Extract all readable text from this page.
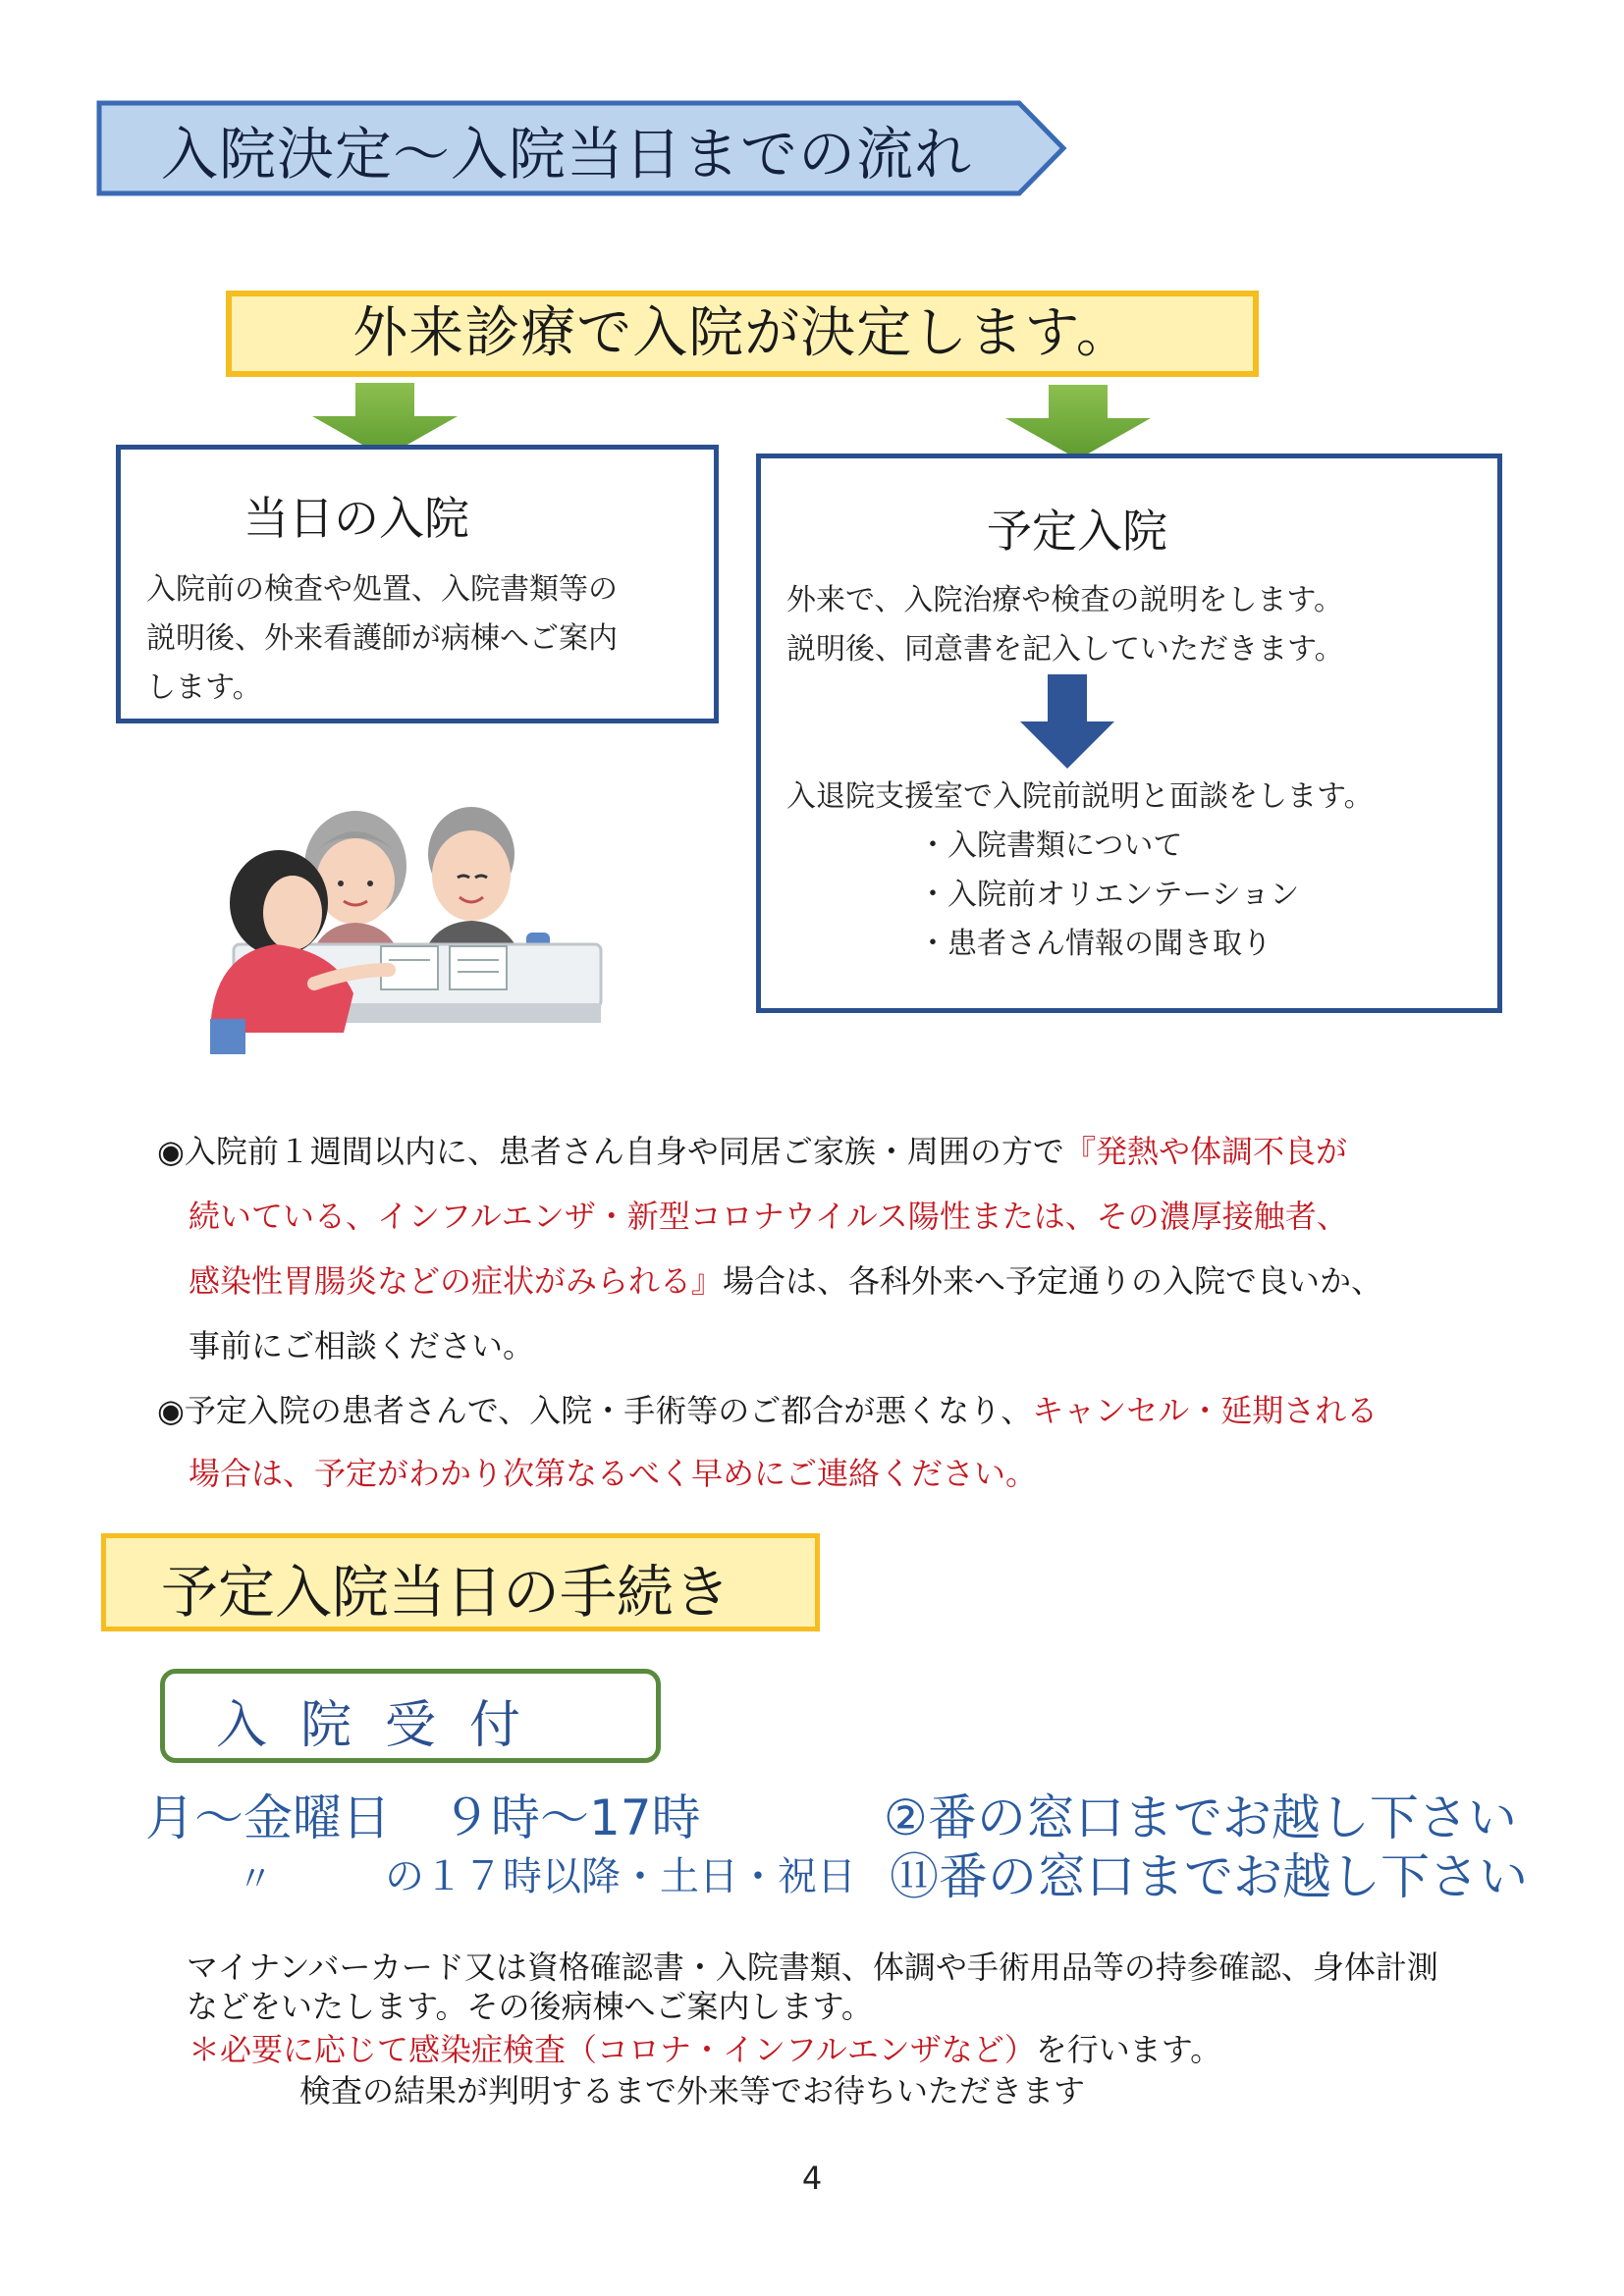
入院決定〜入院当日までの流れ
外来診療で入院が決定します。
当日の入院
入院前の検査や処置、入院書類等の
説明後、外来看護師が病棟へご案内
します。
予定入院
外来で、入院治療や検査の説明をします。
説明後、同意書を記入していただきます。
入退院支援室で入院前説明と面談をします。
・入院書類について
・入院前オリエンテーション
・患者さん情報の聞き取り
◉入院前１週間以内に、患者さん自身や同居ご家族・周囲の方で『発熱や体調不良が
続いている、インフルエンザ・新型コロナウイルス陽性または、その濃厚接触者、
感染性胃腸炎などの症状がみられる』場合は、各科外来へ予定通りの入院で良いか、
事前にご相談ください。
◉予定入院の患者さんで、入院・手術等のご都合が悪くなり、キャンセル・延期される
場合は、予定がわかり次第なるべく早めにご連絡ください。
予定入院当日の手続き
入院受付
月〜金曜日 ９時〜17時	②番の窓口までお越し下さい
〃	の１７時以降・土日・祝日 ⑪番の窓口までお越し下さい
マイナンバーカード又は資格確認書・入院書類、体調や手術用品等の持参確認、身体計測
などをいたします。その後病棟へご案内します。
＊必要に応じて感染症検査（コロナ・インフルエンザなど）を行います。
検査の結果が判明するまで外来等でお待ちいただきます
4
